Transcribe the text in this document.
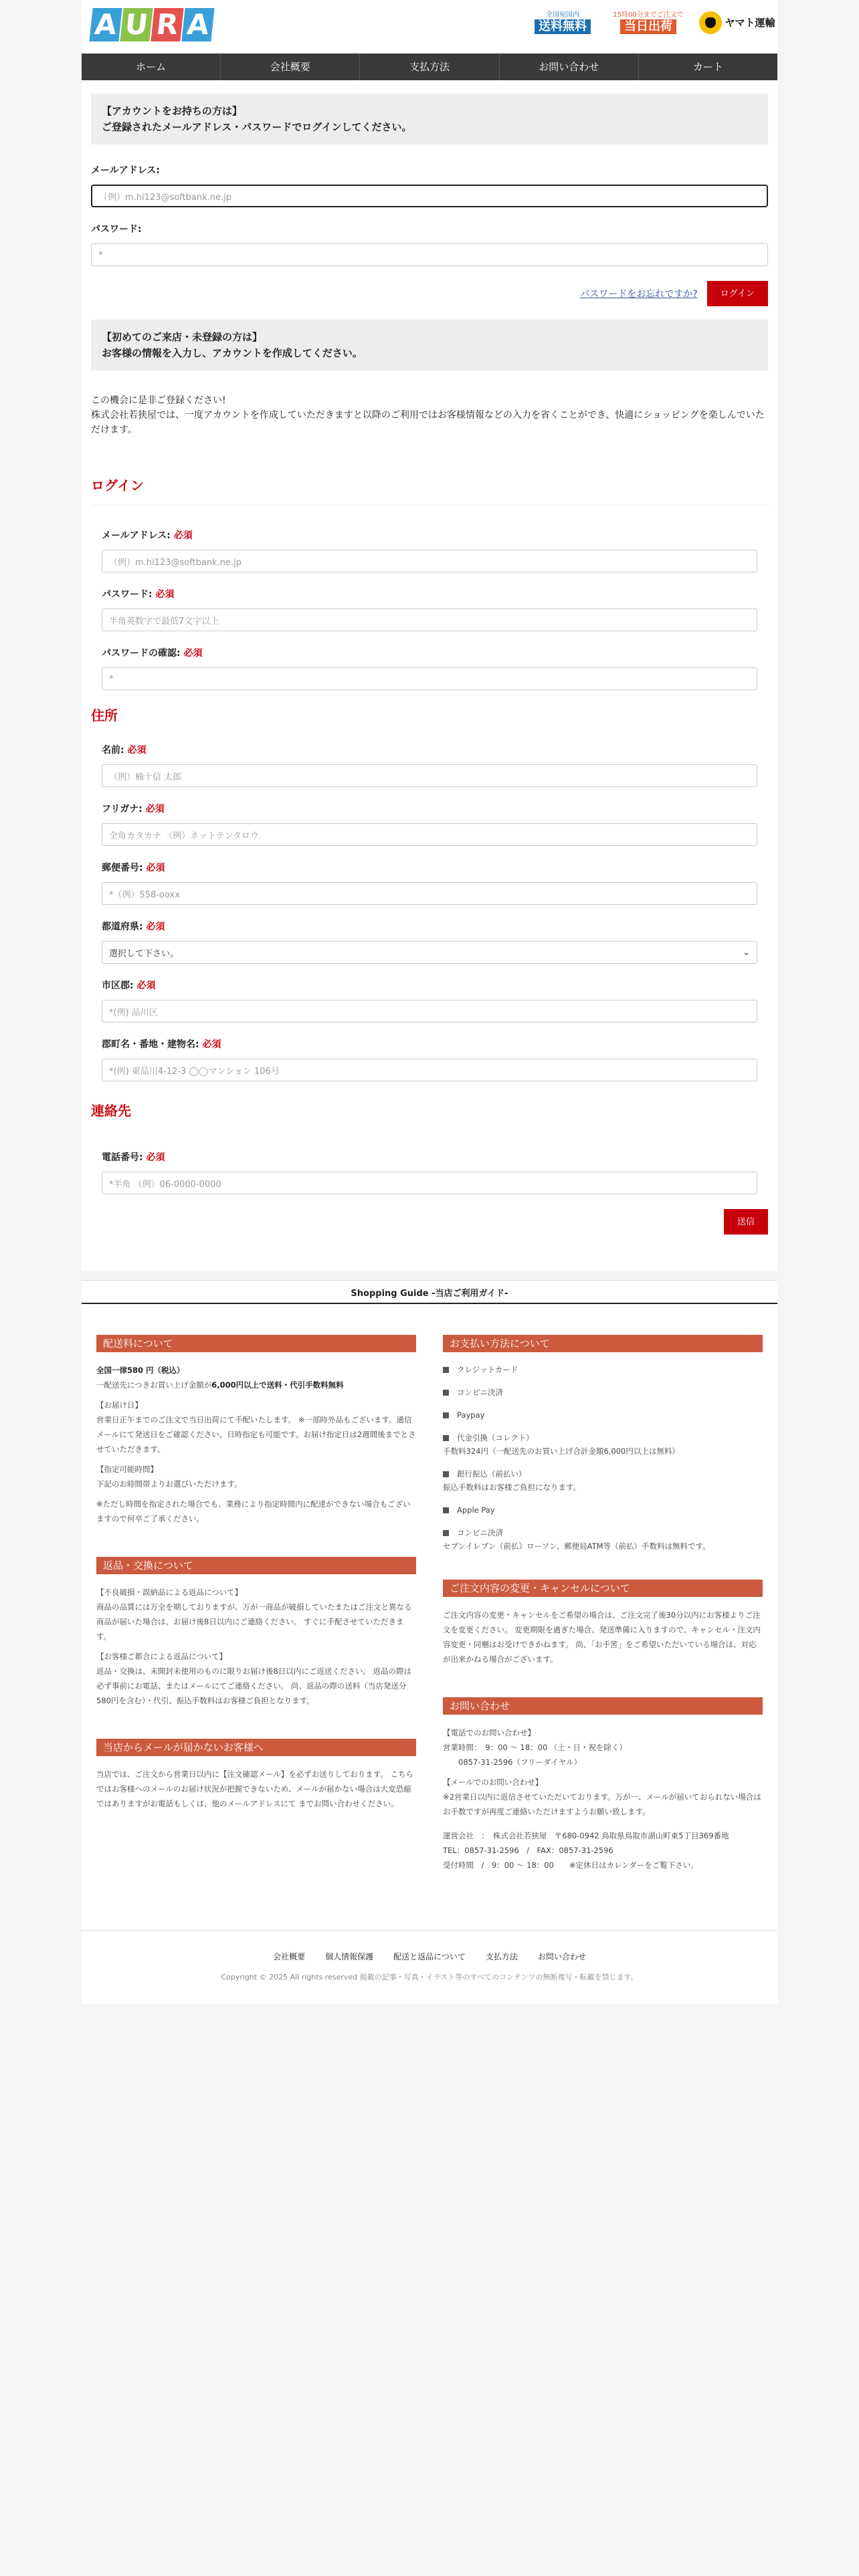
A U R A	全国宛国内
送料無料
15時00分までご注文で
当日出荷	ヤマト運輸
ホーム	会社概要	支払方法	お問い合わせ	カート
【アカウントをお持ちの方は】
ご登録されたメールアドレス・パスワードでログインしてください。
メールアドレス:
（例）m.hi123@softbank.ne.jp
パスワード:
*
パスワードをお忘れですか?	ログイン
【初めてのご来店・未登録の方は】
お客様の情報を入力し、アカウントを作成してください。
この機会に是非ご登録ください!
株式会社若狭屋では、一度アカウントを作成していただきますと以降のご利用ではお客様情報などの入力を省くことができ、快適にショッピングを楽しんでいただけます。
ログイン
メールアドレス: 必須
（例）m.hi123@softbank.ne.jp
パスワード: 必須
半角英数字で最低7文字以上
パスワードの確認: 必須
*
住所
名前: 必須
（例）楠十信 太郎
フリガナ: 必須
全角カタカナ （例）ネットテンタロウ
郵便番号: 必須
*（例）558-ooxx
都道府県: 必須
選択して下さい。	⌄
市区郡: 必須
*(例) 品川区
郡町名・番地・建物名: 必須
*(例) 東品川4-12-3 ◯◯マンション 106号
連絡先
電話番号: 必須
*半角 （例）06-0000-0000
送信
Shopping Guide -当店ご利用ガイド-
配送料について

全国一律580 円（税込）
一配送先につきお買い上げ金額が6,000円以上で送料・代引手数料無料

【お届け日】
営業日正午までのご注文で当日出荷にて手配いたします。 ※一部時外品もございます。通信メールにて発送日をご確認ください。日時指定も可能です。お届け指定日は2週間後までとさせていただきます。

【指定可能時間】
下記のお時間帯よりお選びいただけます。

※ただし時間を指定された場合でも、業務により指定時間内に配達ができない場合もございますので何卒ご了承ください。

返品・交換について

【不良破損・誤納品による返品について】
商品の品質には万全を期しておりますが、万が一商品が破損していたまたはご注文と異なる商品が届いた場合は、お届け後8日以内にご連絡ください。 すぐに手配させていただきます。

【お客様ご都合による返品について】
返品・交換は、未開封未使用のものに限りお届け後8日以内にご返送ください。 返品の際は必ず事前にお電話、またはメールにてご連絡ください。 尚、返品の際の送料（当店発送分580円を含む）・代引、振込手数料はお客様ご負担となります。

当店からメールが届かないお客様へ

当店では、ご注文から営業日以内に【注文確認メール】を必ずお送りしております。 こちらではお客様へのメールのお届け状況が把握できないため、メールが届かない場合は大変恐縮ではありますがお電話もしくは、他のメールアドレスにて までお問い合わせください。

お支払い方法について
クレジットカード
コンビニ決済
Paypay
代金引換（コレクト）
手数料324円（一配送先のお買い上げ合計金額6,000円以上は無料）
銀行振込（前払い）
振込手数料はお客様ご負担になります。
Apple Pay
コンビニ決済
セブンイレブン（前払）ローソン、郵便局ATM等（前払）手数料は無料です。
ご注文内容の変更・キャンセルについて

ご注文内容の変更・キャンセルをご希望の場合は、ご注文完了後30分以内にお客様よりご注文を変更ください。 変更期限を過ぎた場合、発送準備に入りますので、キャンセル・注文内容変更・同梱はお受けできかねます。 尚、「お手筈」をご希望いただいている場合は、対応が出来かねる場合がございます。

お問い合わせ

【電話でのお問い合わせ】
営業時間：　9：00 ～ 18：00 （土・日・祝を除く）
　　0857-31-2596（フリーダイヤル）

【メールでのお問い合わせ】
※2営業日以内に返信させていただいております。万が一、メールが届いておられない場合はお手数ですが再度ご連絡いただけますようお願い致します。

運営会社　：　株式会社若狭屋　〒680-0942 鳥取県鳥取市湖山町東5丁目369番地
TEL：0857-31-2596　/　FAX：0857-31-2596
受付時間　/　9：00 ～ 18：00　　※定休日はカレンダーをご覧下さい。

会社概要	個人情報保護	配送と返品について	支払方法	お問い合わせ
Copyright © 2025 All rights reserved 掲載の記事・写真・イラスト等のすべてのコンテンツの無断複写・転載を禁じます。
